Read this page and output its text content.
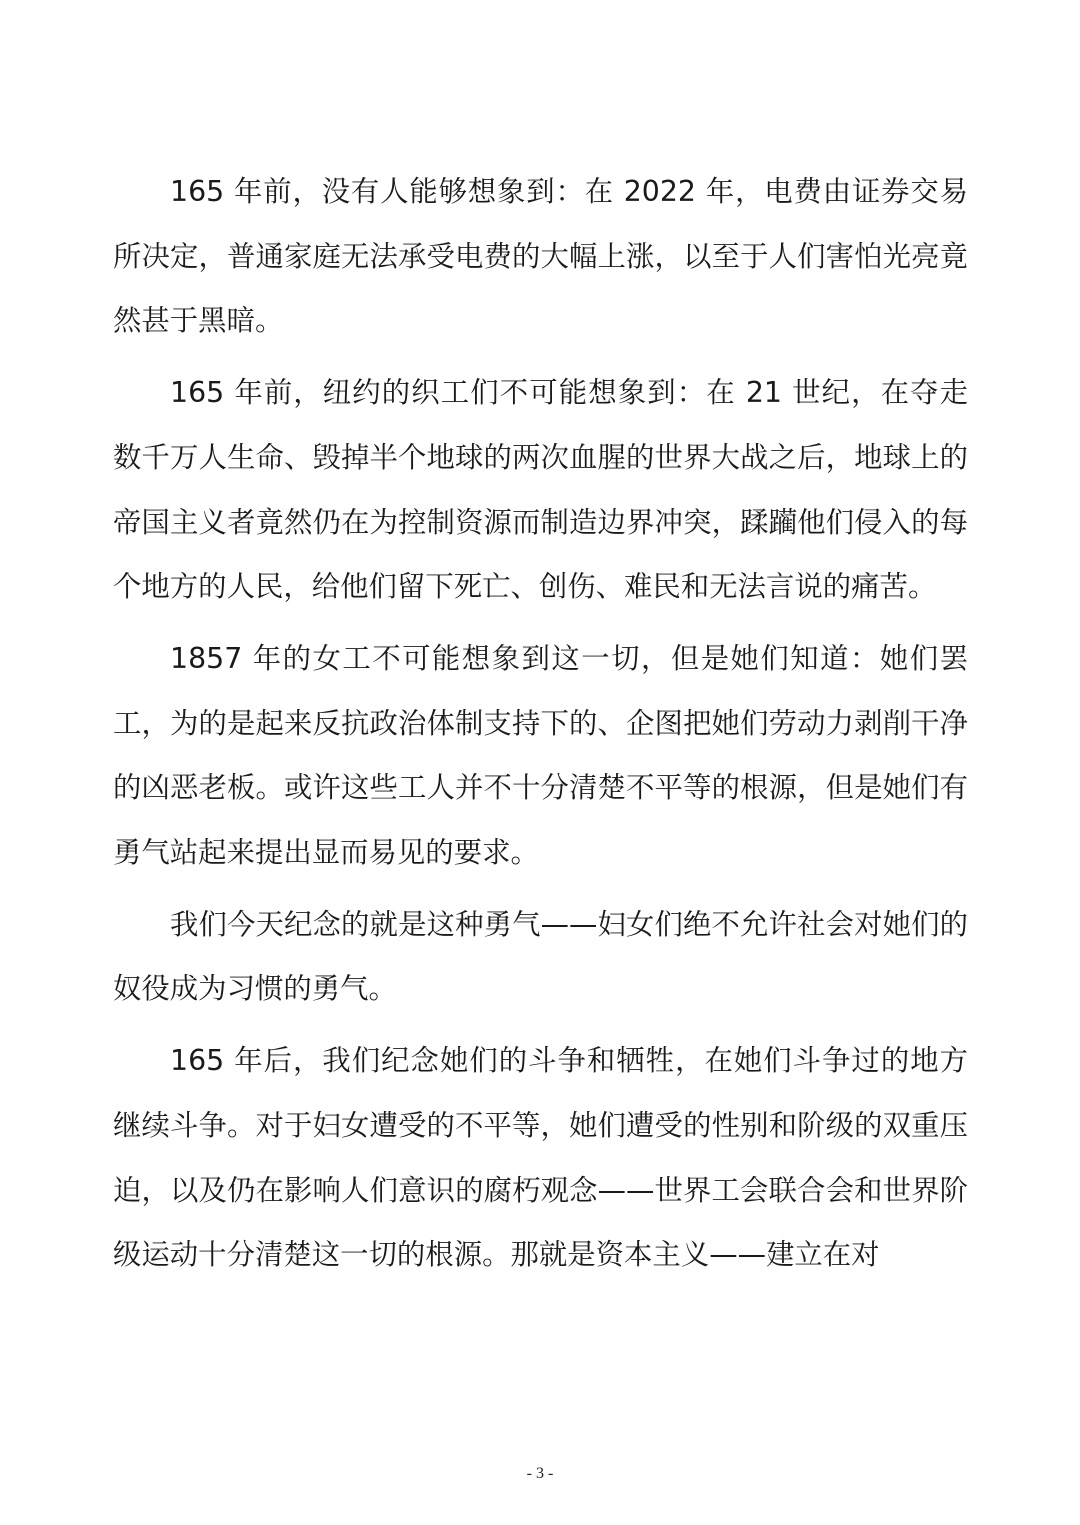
165 年前，没有人能够想象到：在 2022 年，电费由证券交易所决定，普通家庭无法承受电费的大幅上涨，以至于人们害怕光亮竟然甚于黑暗。

165 年前，纽约的织工们不可能想象到：在 21 世纪，在夺走数千万人生命、毁掉半个地球的两次血腥的世界大战之后，地球上的帝国主义者竟然仍在为控制资源而制造边界冲突，蹂躏他们侵入的每个地方的人民，给他们留下死亡、创伤、难民和无法言说的痛苦。

1857 年的女工不可能想象到这一切，但是她们知道：她们罢工，为的是起来反抗政治体制支持下的、企图把她们劳动力剥削干净的凶恶老板。或许这些工人并不十分清楚不平等的根源，但是她们有勇气站起来提出显而易见的要求。

我们今天纪念的就是这种勇气——妇女们绝不允许社会对她们的奴役成为习惯的勇气。

165 年后，我们纪念她们的斗争和牺牲，在她们斗争过的地方继续斗争。对于妇女遭受的不平等，她们遭受的性别和阶级的双重压迫，以及仍在影响人们意识的腐朽观念——世界工会联合会和世界阶级运动十分清楚这一切的根源。那就是资本主义——建立在对

- 3 -
